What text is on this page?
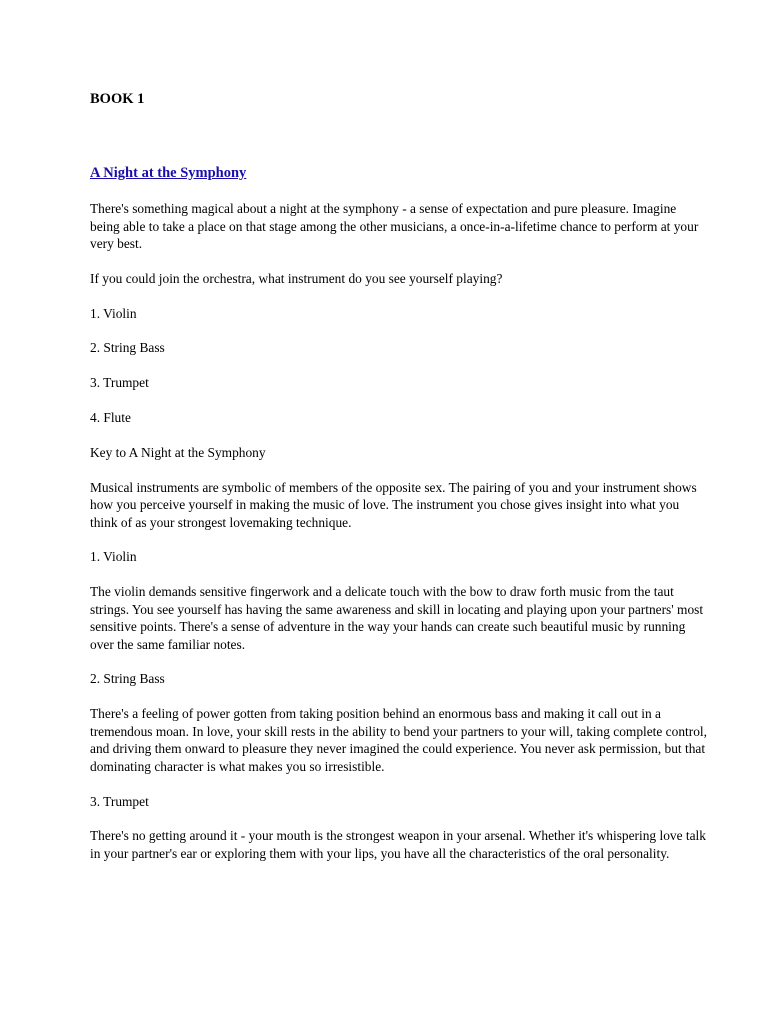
BOOK 1
A Night at the Symphony

There's something magical about a night at the symphony - a sense of expectation and pure pleasure. Imagine being able to take a place on that stage among the other musicians, a once-in-a-lifetime chance to perform at your very best.

If you could join the orchestra, what instrument do you see yourself playing?

1. Violin

2. String Bass

3. Trumpet

4. Flute

Key to A Night at the Symphony

Musical instruments are symbolic of members of the opposite sex. The pairing of you and your instrument shows how you perceive yourself in making the music of love. The instrument you chose gives insight into what you think of as your strongest lovemaking technique.

1. Violin

The violin demands sensitive fingerwork and a delicate touch with the bow to draw forth music from the taut strings. You see yourself has having the same awareness and skill in locating and playing upon your partners' most sensitive points. There's a sense of adventure in the way your hands can create such beautiful music by running over the same familiar notes.

2. String Bass

There's a feeling of power gotten from taking position behind an enormous bass and making it call out in a tremendous moan. In love, your skill rests in the ability to bend your partners to your will, taking complete control, and driving them onward to pleasure they never imagined the could experience. You never ask permission, but that dominating character is what makes you so irresistible.

3. Trumpet

There's no getting around it - your mouth is the strongest weapon in your arsenal. Whether it's whispering love talk in your partner's ear or exploring them with your lips, you have all the characteristics of the oral personality.
